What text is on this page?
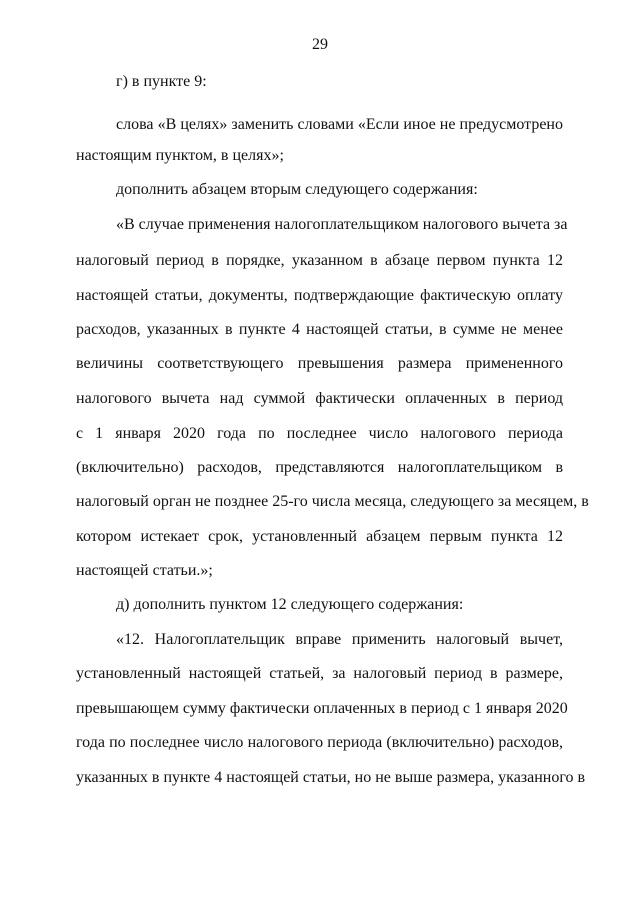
29
г) в пункте 9:
слова «В целях» заменить словами «Если иное не предусмотрено
настоящим пунктом, в целях»;
дополнить абзацем вторым следующего содержания:
«В случае применения налогоплательщиком налогового вычета за
налоговый период в порядке, указанном в абзаце первом пункта 12
настоящей статьи, документы, подтверждающие фактическую оплату
расходов, указанных в пункте 4 настоящей статьи, в сумме не менее
величины соответствующего превышения размера примененного
налогового вычета над суммой фактически оплаченных в период
с 1 января 2020 года по последнее число налогового периода
(включительно) расходов, представляются налогоплательщиком в
налоговый орган не позднее 25-го числа месяца, следующего за месяцем, в
котором истекает срок, установленный абзацем первым пункта 12
настоящей статьи.»;
д) дополнить пунктом 12 следующего содержания:
«12. Налогоплательщик вправе применить налоговый вычет,
установленный настоящей статьей, за налоговый период в размере,
превышающем сумму фактически оплаченных в период с 1 января 2020
года по последнее число налогового периода (включительно) расходов,
указанных в пункте 4 настоящей статьи, но не выше размера, указанного в
